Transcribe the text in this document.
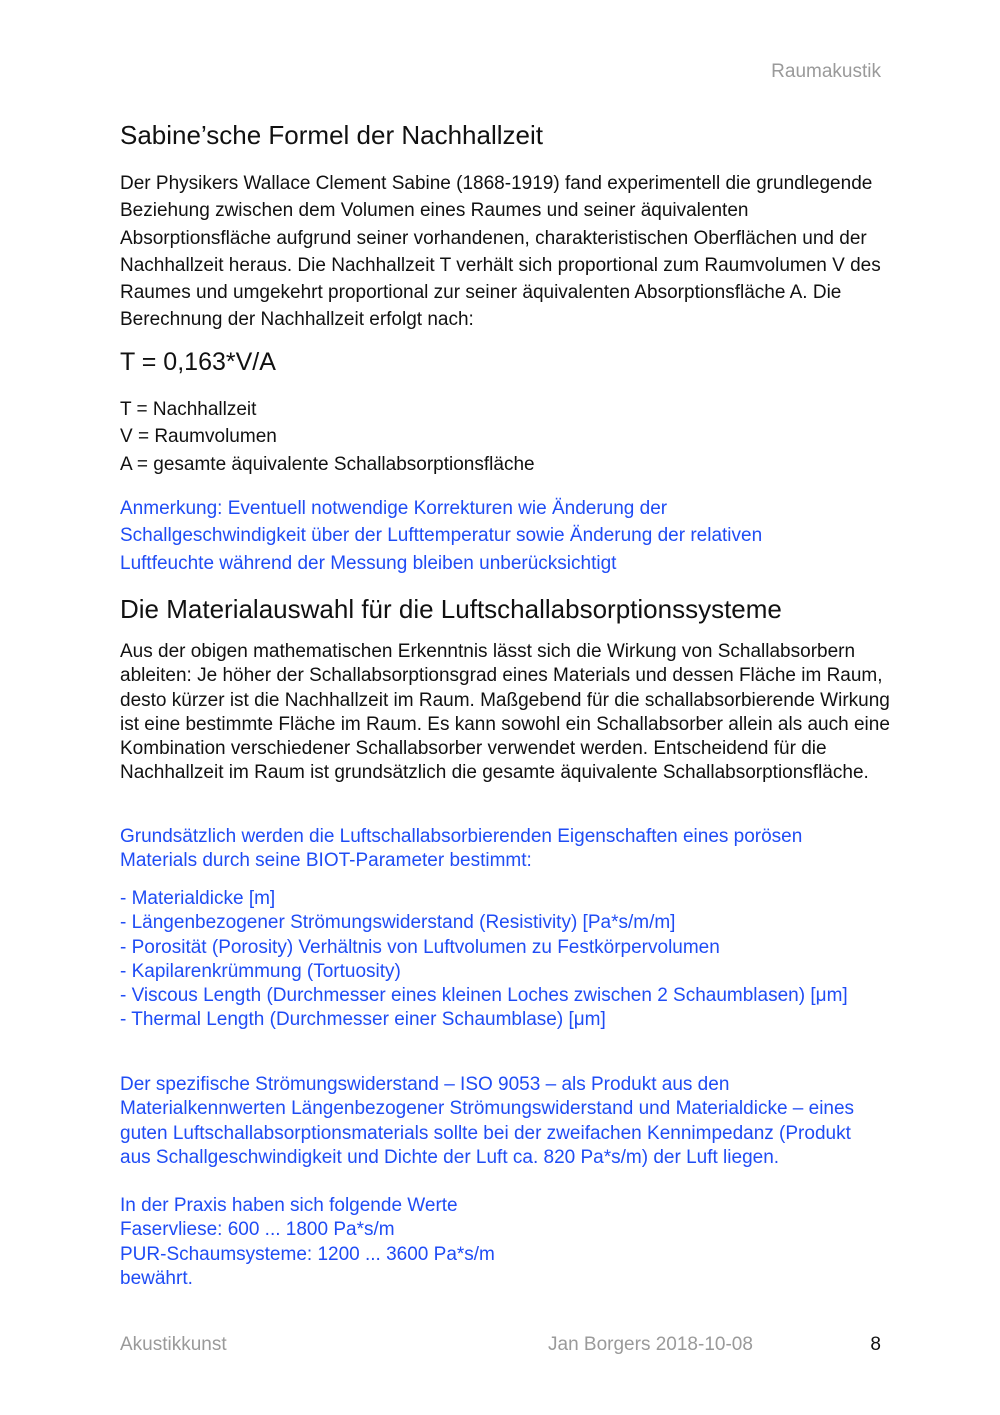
Raumakustik
Sabine’sche Formel der Nachhallzeit

Der Physikers Wallace Clement Sabine (1868-1919) fand experimentell die grundlegende Beziehung zwischen dem Volumen eines Raumes und seiner äquivalenten Absorptionsfläche aufgrund seiner vorhandenen, charakteristischen Oberflächen und der Nachhallzeit heraus. Die Nachhallzeit T verhält sich proportional zum Raumvolumen V des Raumes und umgekehrt proportional zur seiner äquivalenten Absorptionsfläche A. Die Berechnung der Nachhallzeit erfolgt nach:

T = 0,163*V/A

T = Nachhallzeit
V = Raumvolumen
A = gesamte äquivalente Schallabsorptionsfläche

Anmerkung: Eventuell notwendige Korrekturen wie Änderung der Schallgeschwindigkeit über der Lufttemperatur sowie Änderung der relativen Luftfeuchte während der Messung bleiben unberücksichtigt

Die Materialauswahl für die Luftschallabsorptionssysteme

Aus der obigen mathematischen Erkenntnis lässt sich die Wirkung von Schallabsorbern ableiten: Je höher der Schallabsorptionsgrad eines Materials und dessen Fläche im Raum, desto kürzer ist die Nachhallzeit im Raum. Maßgebend für die schallabsorbierende Wirkung ist eine bestimmte Fläche im Raum. Es kann sowohl ein Schallabsorber allein als auch eine Kombination verschiedener Schallabsorber verwendet werden. Entscheidend für die Nachhallzeit im Raum ist grundsätzlich die gesamte äquivalente Schallabsorptionsfläche.

Grundsätzlich werden die Luftschallabsorbierenden Eigenschaften eines porösen Materials durch seine BIOT-Parameter bestimmt:

- Materialdicke [m]
- Längenbezogener Strömungswiderstand (Resistivity) [Pa*s/m/m]
- Porosität (Porosity) Verhältnis von Luftvolumen zu Festkörpervolumen
- Kapilarenkrümmung (Tortuosity)
- Viscous Length (Durchmesser eines kleinen Loches zwischen 2 Schaumblasen) [μm]
- Thermal Length (Durchmesser einer Schaumblase) [μm]

Der spezifische Strömungswiderstand – ISO 9053 – als Produkt aus den Materialkennwerten Längenbezogener Strömungswiderstand und Materialdicke – eines guten Luftschallabsorptionsmaterials sollte bei der zweifachen Kennimpedanz (Produkt aus Schallgeschwindigkeit und Dichte der Luft ca. 820 Pa*s/m) der Luft liegen.

In der Praxis haben sich folgende Werte
Faservliese: 600 ... 1800 Pa*s/m
PUR-Schaumsysteme: 1200 ... 3600 Pa*s/m
bewährt.
Akustikkunst	Jan Borgers 2018-10-08	8
